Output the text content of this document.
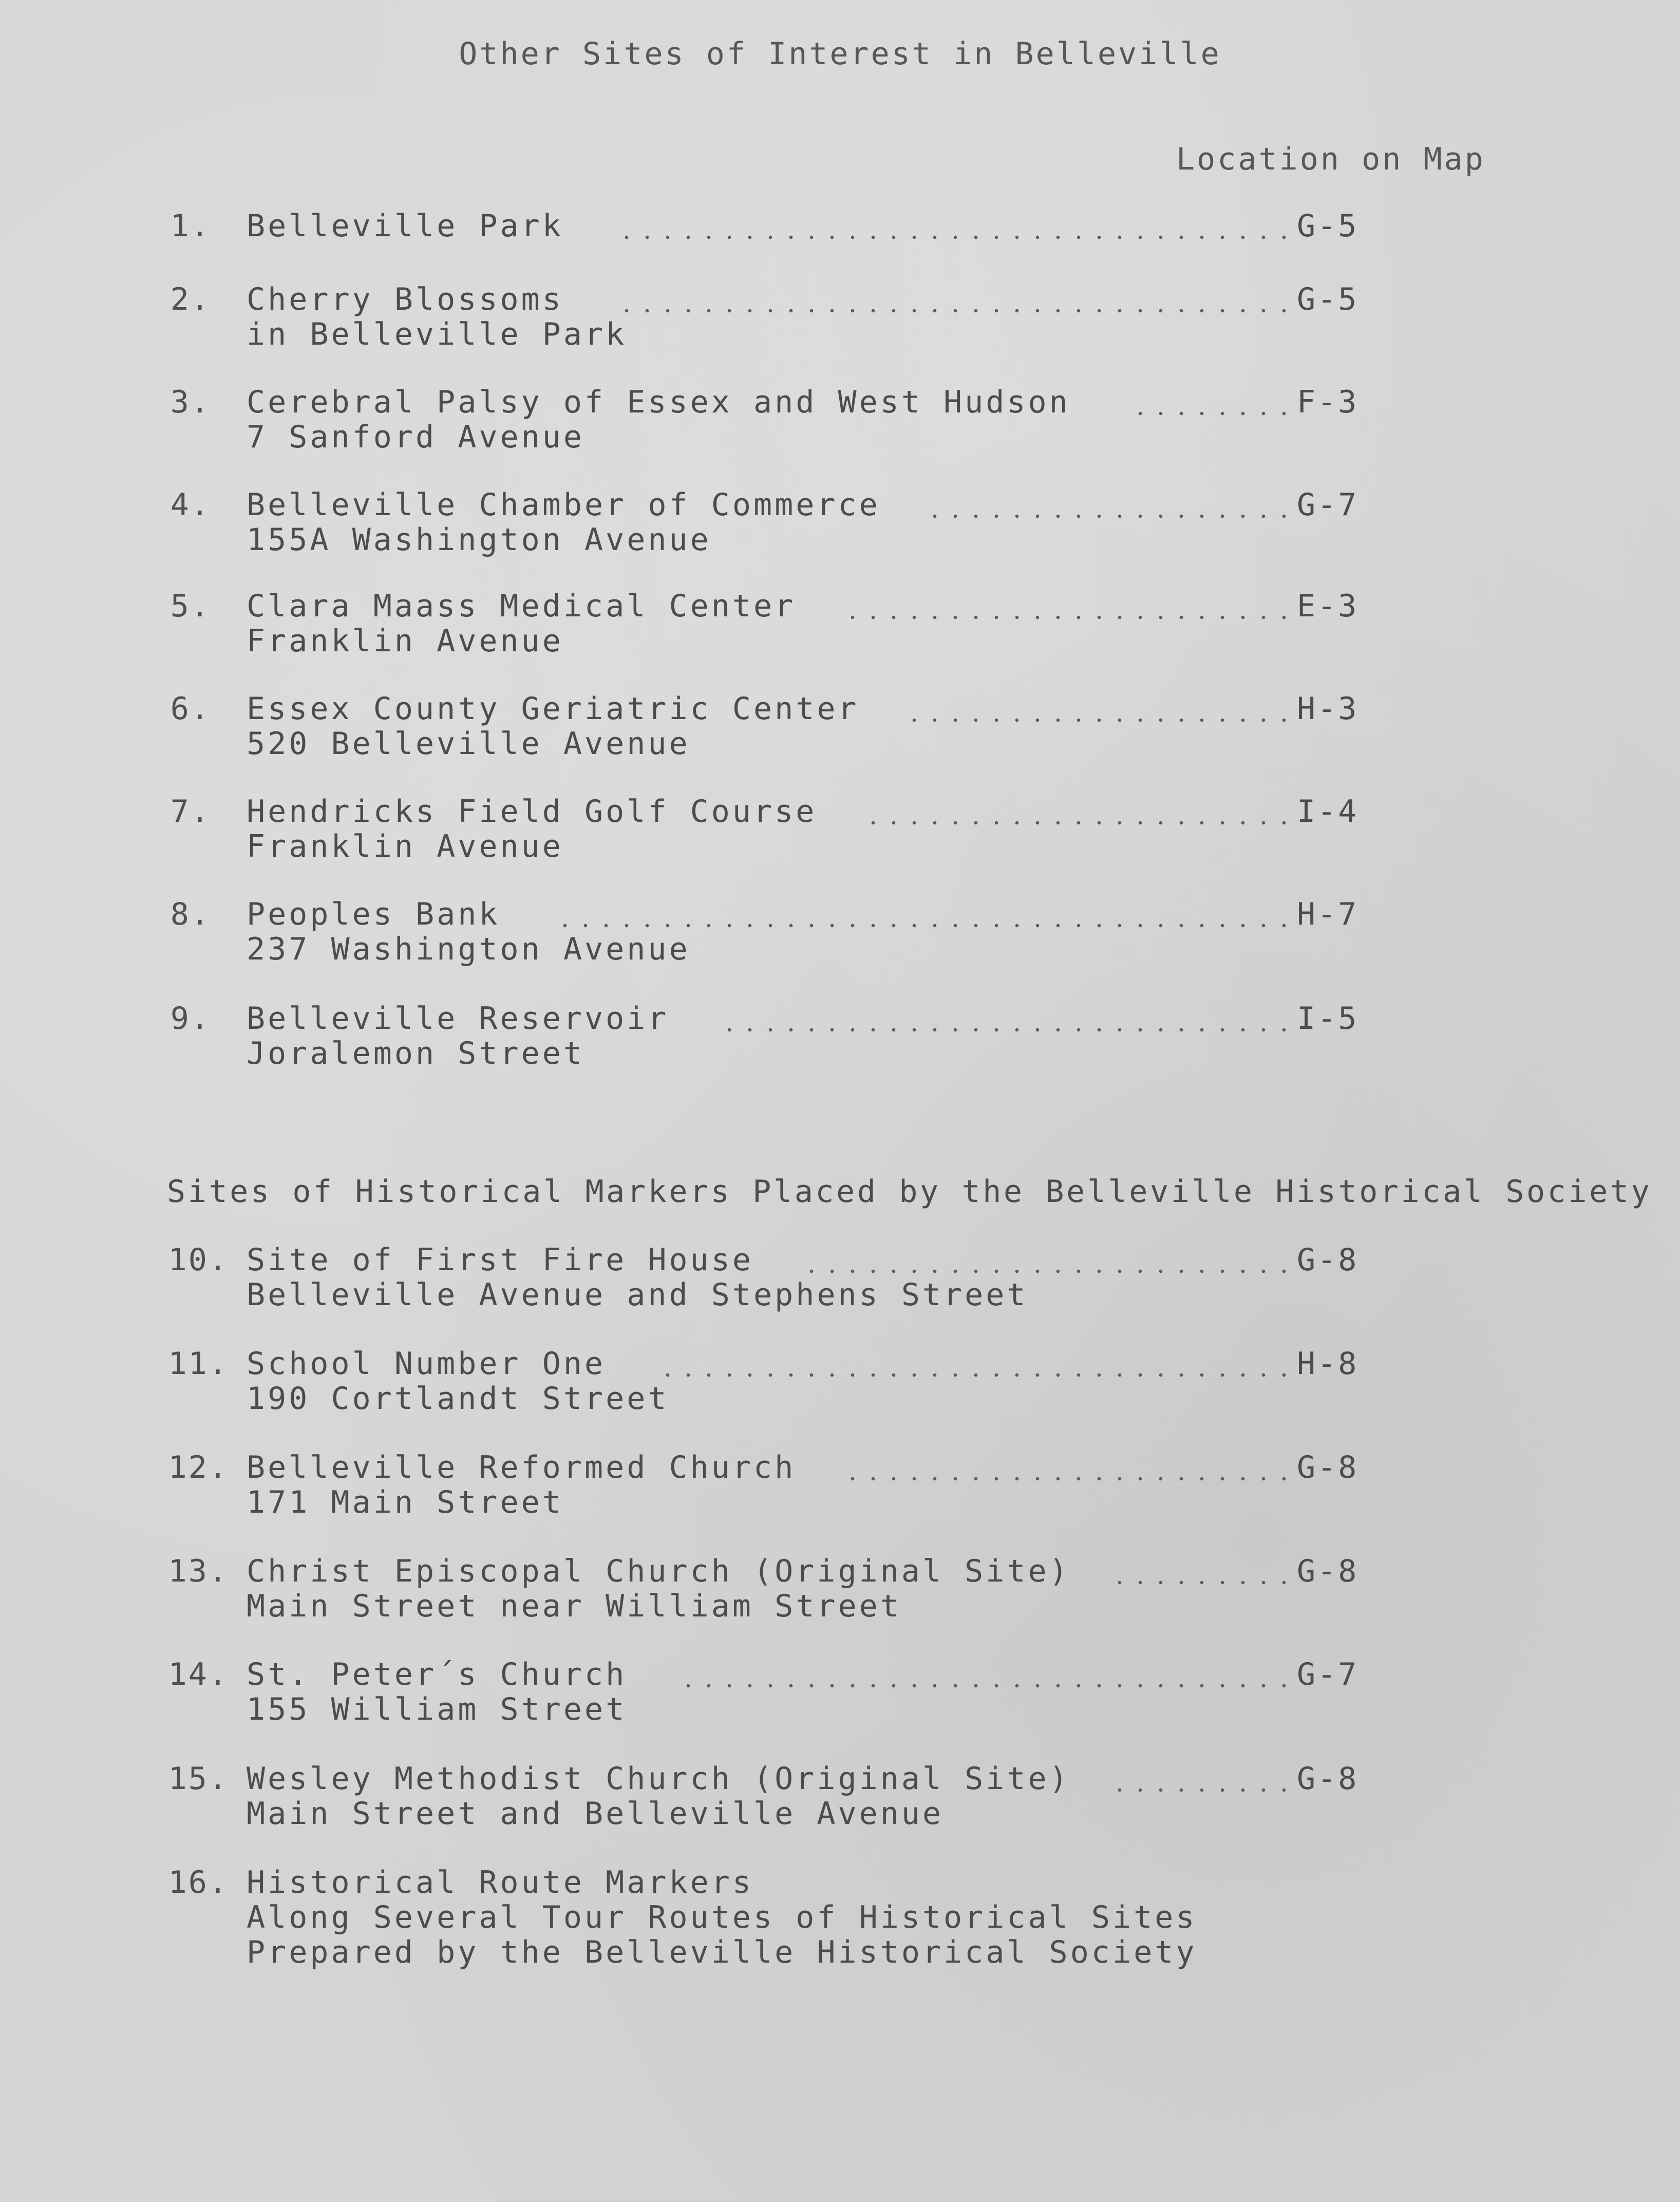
Other Sites of Interest in Belleville
Location on Map
1. Belleville Park	G-5
2. Cherry Blossoms	G-5
in Belleville Park
3. Cerebral Palsy of Essex and West Hudson	F-3
7 Sanford Avenue
4. Belleville Chamber of Commerce	G-7
155A Washington Avenue
5. Clara Maass Medical Center	E-3
Franklin Avenue
6. Essex County Geriatric Center	H-3
520 Belleville Avenue
7. Hendricks Field Golf Course	I-4
Franklin Avenue
8. Peoples Bank	H-7
237 Washington Avenue
9. Belleville Reservoir	I-5
Joralemon Street
Sites of Historical Markers Placed by the Belleville Historical Society
10. Site of First Fire House	G-8
Belleville Avenue and Stephens Street
11. School Number One	H-8
190 Cortlandt Street
12. Belleville Reformed Church	G-8
171 Main Street
13. Christ Episcopal Church (Original Site)	G-8
Main Street near William Street
14. St. Peter´s Church	G-7
155 William Street
15. Wesley Methodist Church (Original Site)	G-8
Main Street and Belleville Avenue
16. Historical Route Markers
Along Several Tour Routes of Historical Sites
Prepared by the Belleville Historical Society
